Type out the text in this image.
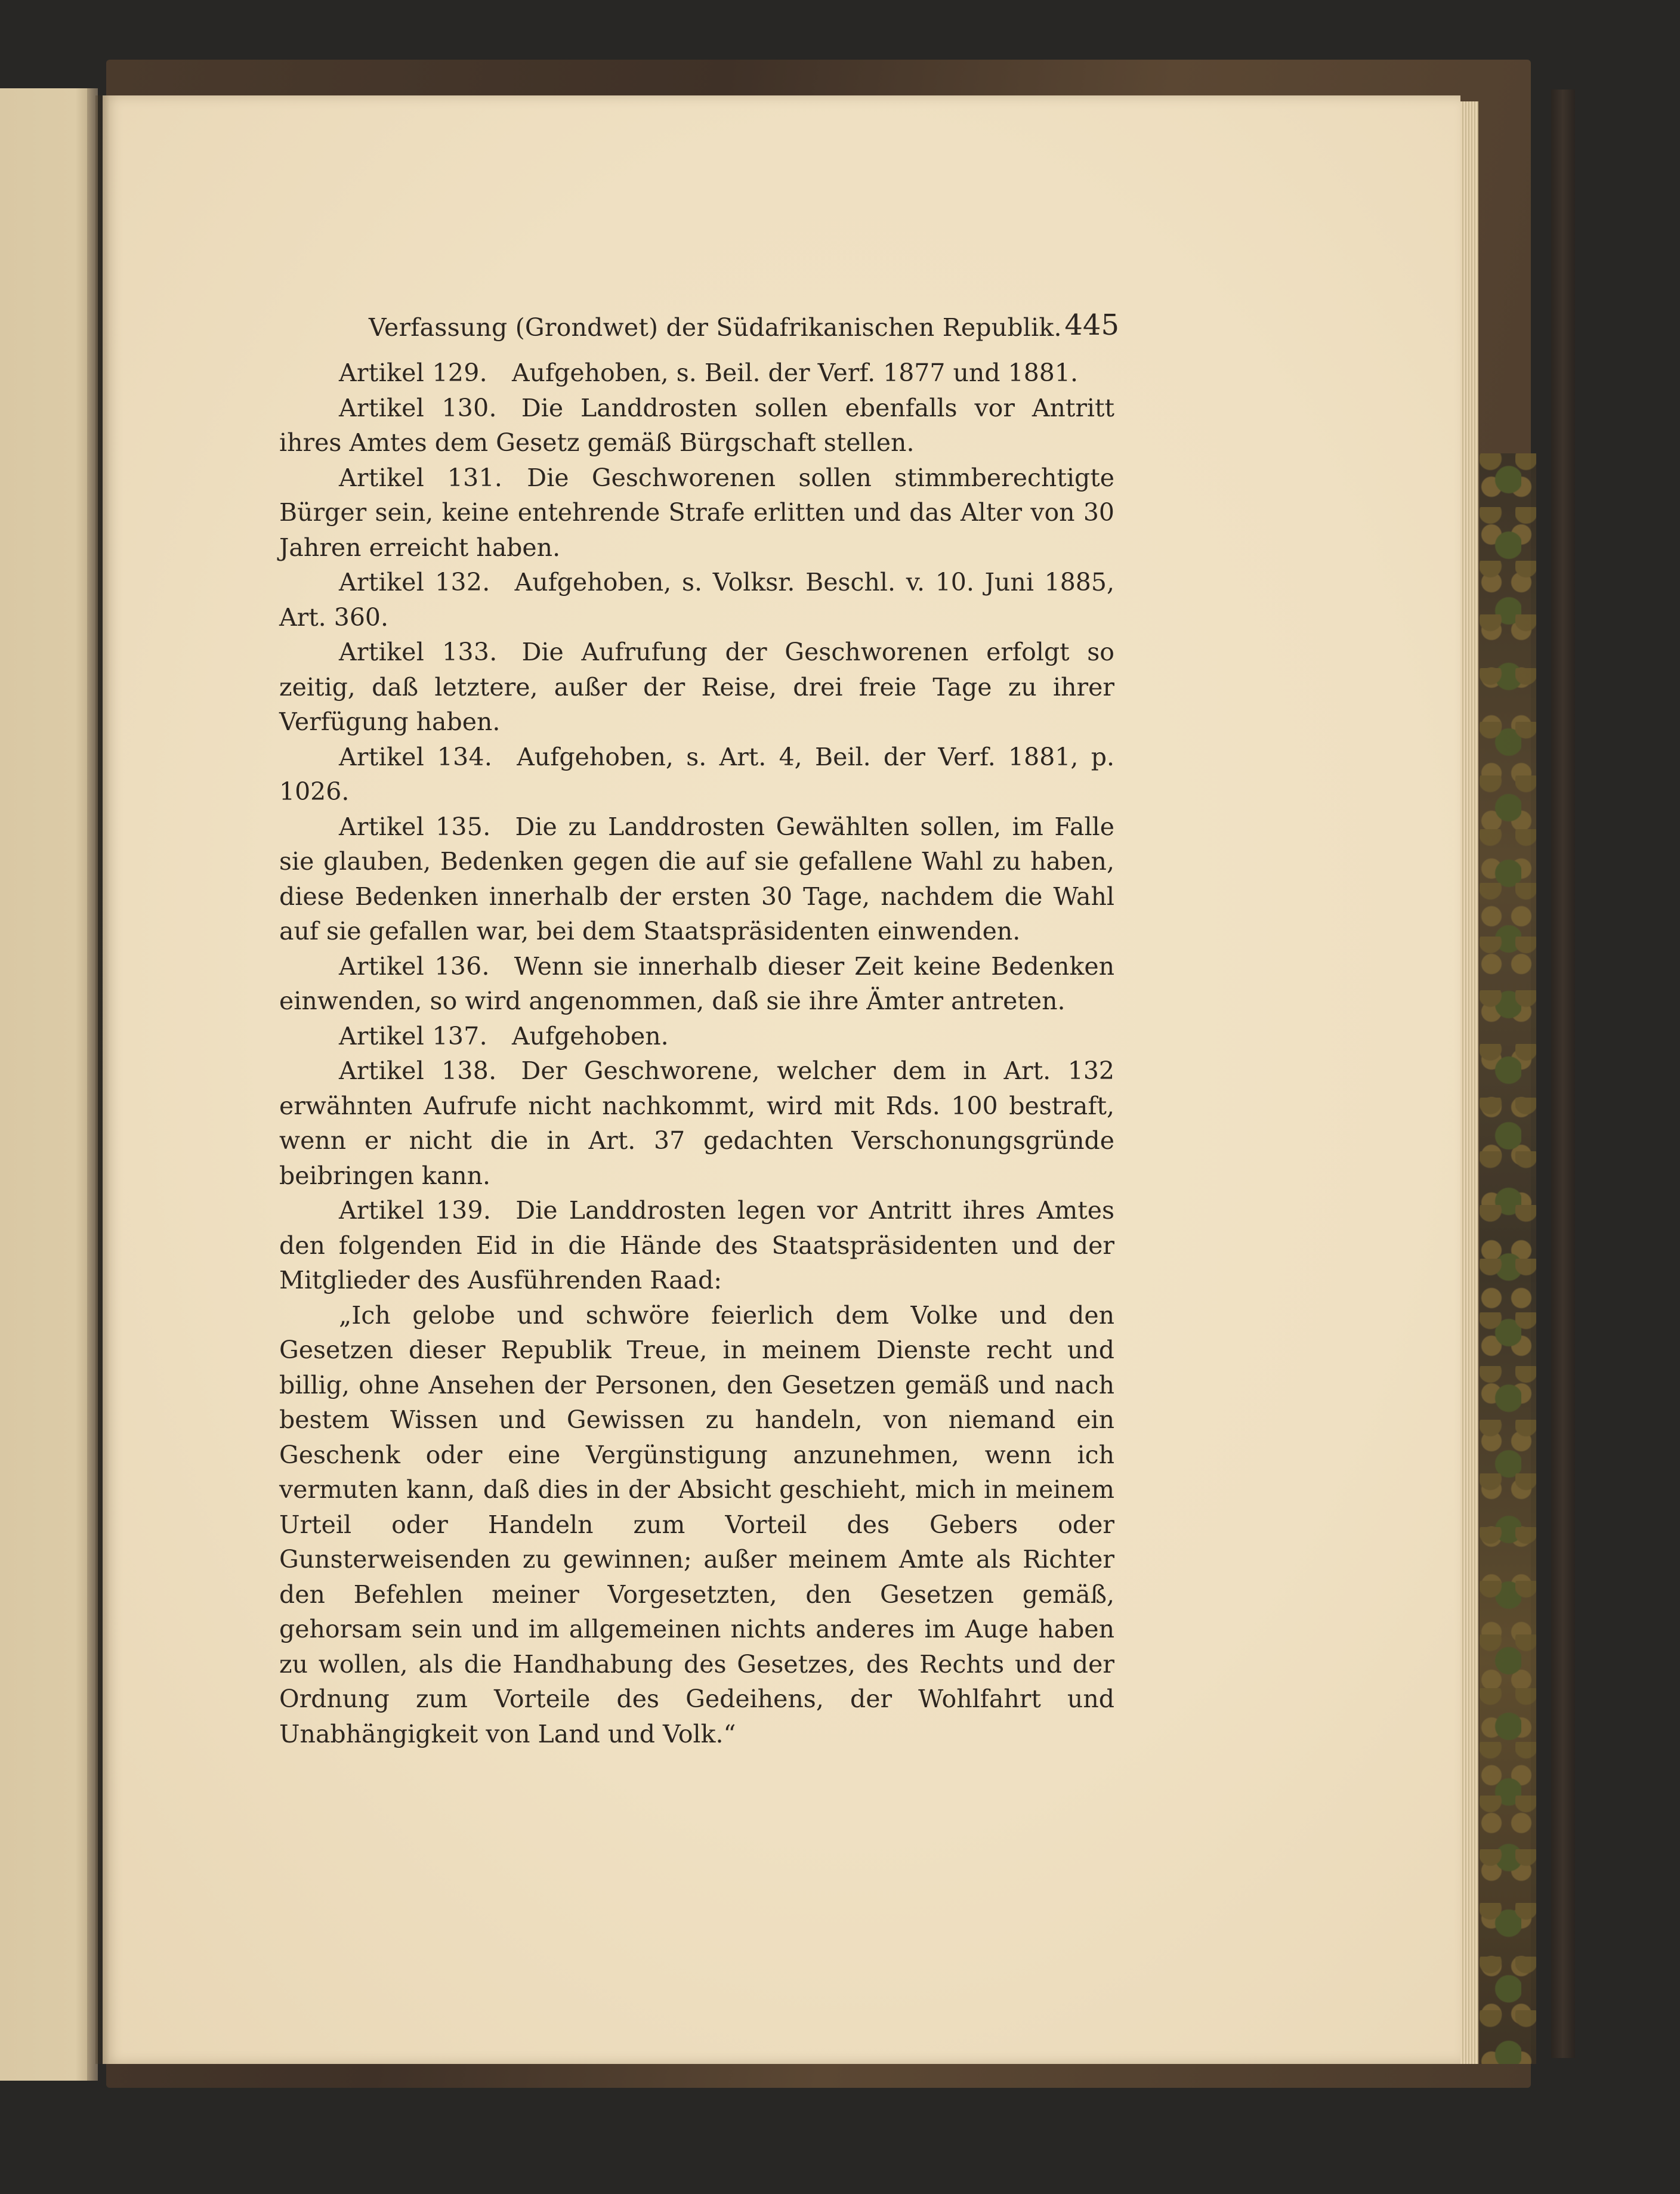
Verfassung (Grondwet) der Südafrikanischen Republik. 445

Artikel 129.  Aufgehoben, s. Beil. der Verf. 1877 und 1881.

Artikel 130.  Die Landdrosten sollen ebenfalls vor Antritt ihres Amtes dem Gesetz gemäß Bürgschaft stellen.

Artikel 131.  Die Geschworenen sollen stimmberechtigte Bürger sein, keine entehrende Strafe erlitten und das Alter von 30 Jahren erreicht haben.

Artikel 132.  Aufgehoben, s. Volksr. Beschl. v. 10. Juni 1885, Art. 360.

Artikel 133.  Die Aufrufung der Geschworenen erfolgt so zeitig, daß letztere, außer der Reise, drei freie Tage zu ihrer Verfügung haben.

Artikel 134.  Aufgehoben, s. Art. 4, Beil. der Verf. 1881, p. 1026.

Artikel 135.  Die zu Landdrosten Gewählten sollen, im Falle sie glauben, Bedenken gegen die auf sie gefallene Wahl zu haben, diese Bedenken innerhalb der ersten 30 Tage, nachdem die Wahl auf sie gefallen war, bei dem Staatspräsidenten einwenden.

Artikel 136.  Wenn sie innerhalb dieser Zeit keine Bedenken einwenden, so wird angenommen, daß sie ihre Ämter antreten.

Artikel 137.  Aufgehoben.

Artikel 138.  Der Geschworene, welcher dem in Art. 132 erwähnten Aufrufe nicht nachkommt, wird mit Rds. 100 bestraft, wenn er nicht die in Art. 37 gedachten Verschonungsgründe beibringen kann.

Artikel 139.  Die Landdrosten legen vor Antritt ihres Amtes den folgenden Eid in die Hände des Staatspräsidenten und der Mitglieder des Ausführenden Raad:

„Ich gelobe und schwöre feierlich dem Volke und den Gesetzen dieser Republik Treue, in meinem Dienste recht und billig, ohne Ansehen der Personen, den Gesetzen gemäß und nach bestem Wissen und Gewissen zu handeln, von niemand ein Geschenk oder eine Vergünstigung anzunehmen, wenn ich vermuten kann, daß dies in der Absicht geschieht, mich in meinem Urteil oder Handeln zum Vorteil des Gebers oder Gunsterweisenden zu gewinnen; außer meinem Amte als Richter den Befehlen meiner Vorgesetzten, den Gesetzen gemäß, gehorsam sein und im allgemeinen nichts anderes im Auge haben zu wollen, als die Handhabung des Gesetzes, des Rechts und der Ordnung zum Vorteile des Gedeihens, der Wohlfahrt und Unabhängigkeit von Land und Volk.“
